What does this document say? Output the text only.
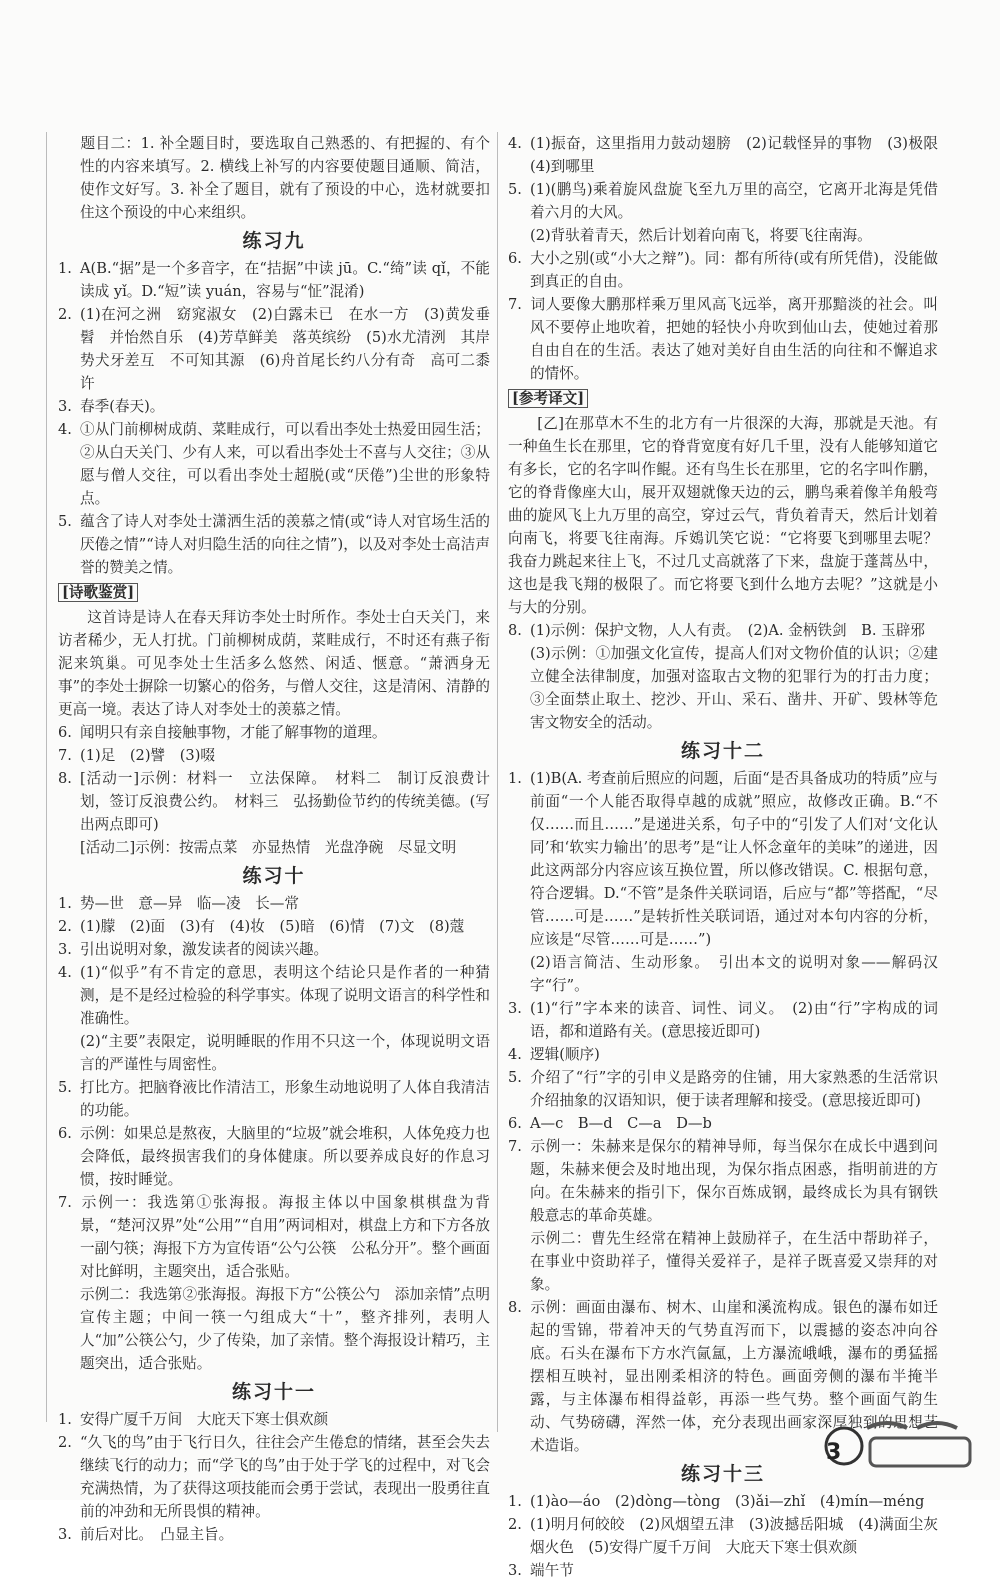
题目二：1. 补全题目时，要选取自己熟悉的、有把握的、有个性的内容来填写。2. 横线上补写的内容要使题目通顺、简洁，使作文好写。3. 补全了题目，就有了预设的中心，选材就要扣住这个预设的中心来组织。

练习九

1. A(B.“据”是一个多音字，在“拮据”中读 jū。C.“绮”读 qǐ，不能读成 yǐ。D.“短”读 yuán，容易与“怔”混淆)

2. (1)在河之洲　窈窕淑女　(2)白露未已　在水一方　(3)黄发垂髫　并怡然自乐　(4)芳草鲜美　落英缤纷　(5)水尤清洌　其岸势犬牙差互　不可知其源　(6)舟首尾长约八分有奇　高可二黍许

3. 春季(春天)。

4. ①从门前柳树成荫、菜畦成行，可以看出李处士热爱田园生活；②从白天关门、少有人来，可以看出李处士不喜与人交往；③从愿与僧人交往，可以看出李处士超脱(或“厌倦”)尘世的形象特点。

5. 蕴含了诗人对李处士潇洒生活的羡慕之情(或“诗人对官场生活的厌倦之情”“诗人对归隐生活的向往之情”)，以及对李处士高洁声誉的赞美之情。

[诗歌鉴赏]

这首诗是诗人在春天拜访李处士时所作。李处士白天关门，来访者稀少，无人打扰。门前柳树成荫，菜畦成行，不时还有燕子衔泥来筑巢。可见李处士生活多么悠然、闲适、惬意。“萧洒身无事”的李处士摒除一切繁心的俗务，与僧人交往，这是清闲、清静的更高一境。表达了诗人对李处士的羡慕之情。

6. 闻明只有亲自接触事物，才能了解事物的道理。

7. (1)足　(2)譬　(3)啜

8. [活动一]示例：材料一　立法保障。　材料二　制订反浪费计划，签订反浪费公约。　材料三　弘扬勤俭节约的传统美德。(写出两点即可)

[活动二]示例：按需点菜　亦显热情　光盘净碗　尽显文明

练习十

1. 势—世　意—异　临—凌　长—常

2. (1)朦　(2)面　(3)有　(4)妆　(5)暗　(6)情　(7)文　(8)蔻

3. 引出说明对象，激发读者的阅读兴趣。

4. (1)“似乎”有不肯定的意思，表明这个结论只是作者的一种猜测，是不是经过检验的科学事实。体现了说明文语言的科学性和准确性。

(2)“主要”表限定，说明睡眠的作用不只这一个，体现说明文语言的严谨性与周密性。

5. 打比方。把脑脊液比作清洁工，形象生动地说明了人体自我清洁的功能。

6. 示例：如果总是熬夜，大脑里的“垃圾”就会堆积，人体免疫力也会降低，最终损害我们的身体健康。所以要养成良好的作息习惯，按时睡觉。

7. 示例一：我选第①张海报。海报主体以中国象棋棋盘为背景，“楚河汉界”处“公用”“自用”两词相对，棋盘上方和下方各放一副勺筷；海报下方为宣传语“公勺公筷　公私分开”。整个画面对比鲜明，主题突出，适合张贴。

示例二：我选第②张海报。海报下方“公筷公勺　添加亲情”点明宣传主题；中间一筷一勺组成大“十”，整齐排列，表明人人“加”公筷公勺，少了传染，加了亲情。整个海报设计精巧，主题突出，适合张贴。

练习十一

1. 安得广厦千万间　大庇天下寒士俱欢颜

2. “久飞的鸟”由于飞行日久，往往会产生倦怠的情绪，甚至会失去继续飞行的动力；而“学飞的鸟”由于处于学飞的过程中，对飞会充满热情，为了获得这项技能而会勇于尝试，表现出一股勇往直前的冲劲和无所畏惧的精神。

3. 前后对比。　凸显主旨。

4. (1)振奋，这里指用力鼓动翅膀　(2)记载怪异的事物　(3)极限　(4)到哪里

5. (1)(鹏鸟)乘着旋风盘旋飞至九万里的高空，它离开北海是凭借着六月的大风。

(2)背驮着青天，然后计划着向南飞，将要飞往南海。

6. 大小之别(或“小大之辩”)。同：都有所待(或有所凭借)，没能做到真正的自由。

7. 词人要像大鹏那样乘万里风高飞远举，离开那黯淡的社会。叫风不要停止地吹着，把她的轻快小舟吹到仙山去，使她过着那自由自在的生活。表达了她对美好自由生活的向往和不懈追求的情怀。

[参考译文]

[乙]在那草木不生的北方有一片很深的大海，那就是天池。有一种鱼生长在那里，它的脊背宽度有好几千里，没有人能够知道它有多长，它的名字叫作鲲。还有鸟生长在那里，它的名字叫作鹏，它的脊背像座大山，展开双翅就像天边的云，鹏鸟乘着像羊角般弯曲的旋风飞上九万里的高空，穿过云气，背负着青天，然后计划着向南飞，将要飞往南海。斥鴳讥笑它说：“它将要飞到哪里去呢？我奋力跳起来往上飞，不过几丈高就落了下来，盘旋于蓬蒿丛中，这也是我飞翔的极限了。而它将要飞到什么地方去呢？”这就是小与大的分别。

8. (1)示例：保护文物，人人有责。　(2)A. 金柄铁剑　B. 玉辟邪

(3)示例：①加强文化宣传，提高人们对文物价值的认识；②建立健全法律制度，加强对盗取古文物的犯罪行为的打击力度；③全面禁止取土、挖沙、开山、采石、凿井、开矿、毁林等危害文物安全的活动。

练习十二

1. (1)B(A. 考查前后照应的问题，后面“是否具备成功的特质”应与前面“一个人能否取得卓越的成就”照应，故修改正确。B.“不仅……而且……”是递进关系，句子中的“引发了人们对‘文化认同’和‘软实力输出’的思考”是“让人怀念童年的美味”的递进，因此这两部分内容应该互换位置，所以修改错误。C. 根据句意，符合逻辑。D.“不管”是条件关联词语，后应与“都”等搭配，“尽管……可是……”是转折性关联词语，通过对本句内容的分析，应该是“尽管……可是……”)

(2)语言简洁、生动形象。　引出本文的说明对象——解码汉字“行”。

3. (1)“行”字本来的读音、词性、词义。　(2)由“行”字构成的词语，都和道路有关。(意思接近即可)

4. 逻辑(顺序)

5. 介绍了“行”字的引申义是路旁的住铺，用大家熟悉的生活常识介绍抽象的汉语知识，便于读者理解和接受。(意思接近即可)

6. A—c　B—d　C—a　D—b

7. 示例一：朱赫来是保尔的精神导师，每当保尔在成长中遇到问题，朱赫来便会及时地出现，为保尔指点困惑，指明前进的方向。在朱赫来的指引下，保尔百炼成钢，最终成长为具有钢铁般意志的革命英雄。

示例二：曹先生经常在精神上鼓励祥子，在生活中帮助祥子，在事业中资助祥子，懂得关爱祥子，是祥子既喜爱又崇拜的对象。

8. 示例：画面由瀑布、树木、山崖和溪流构成。银色的瀑布如迁起的雪锦，带着冲天的气势直泻而下，以震撼的姿态冲向谷底。石头在瀑布下方水汽氤氲，上方瀑流峨峨，瀑布的勇猛摇摆相互映衬，显出刚柔相济的特色。画面旁侧的瀑布半掩半露，与主体瀑布相得益彰，再添一些气势。整个画面气韵生动、气势磅礴，浑然一体，充分表现出画家深厚独到的思想艺术造诣。

练习十三

1. (1)ào—áo　(2)dòng—tòng　(3)ǎi—zhǐ　(4)mín—méng

2. (1)明月何皎皎　(2)风烟望五津　(3)波撼岳阳城　(4)满面尘灰烟火色　(5)安得广厦千万间　大庇天下寒士俱欢颜

3. 端午节

3
